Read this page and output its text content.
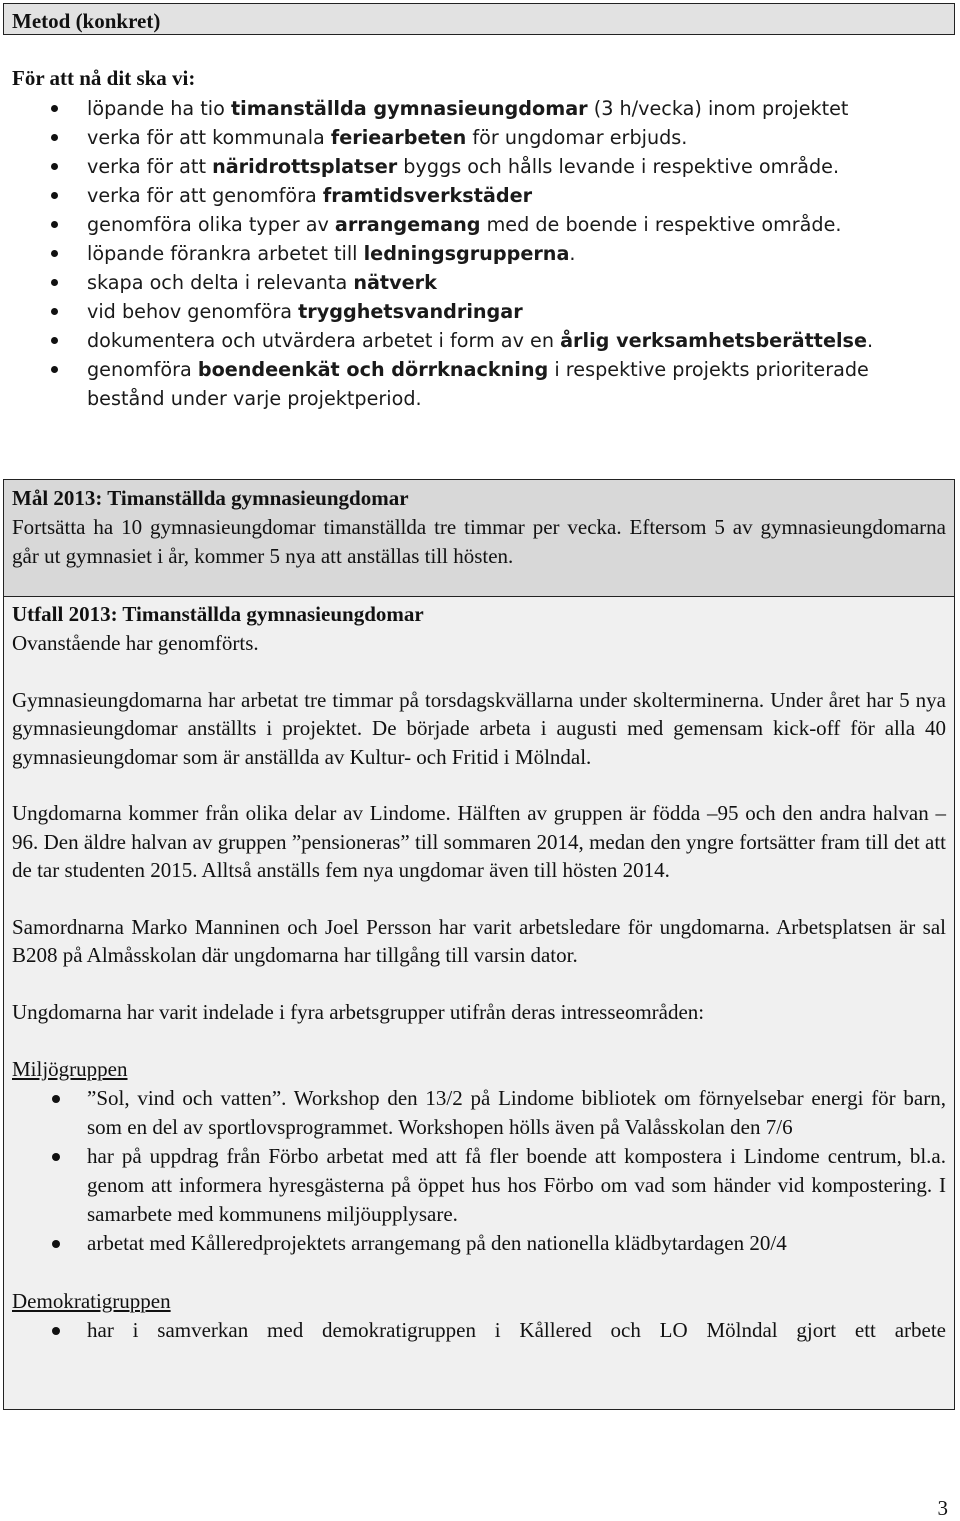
Metod (konkret)
För att nå dit ska vi:
löpande ha tio timanställda gymnasieungdomar (3 h/vecka) inom projektet
verka för att kommunala feriearbeten för ungdomar erbjuds.
verka för att näridrottsplatser byggs och hålls levande i respektive område.
verka för att genomföra framtidsverkstäder
genomföra olika typer av arrangemang med de boende i respektive område.
löpande förankra arbetet till ledningsgrupperna.
skapa och delta i relevanta nätverk
vid behov genomföra trygghetsvandringar
dokumentera och utvärdera arbetet i form av en årlig verksamhetsberättelse.
genomföra boendeenkät och dörrknackning i respektive projekts prioriterade bestånd under varje projektperiod.
Mål 2013: Timanställda gymnasieungdomar

Fortsätta ha 10 gymnasieungdomar timanställda tre timmar per vecka. Eftersom 5 av gymnasieungdomarna går ut gymnasiet i år, kommer 5 nya att anställas till hösten.

Utfall 2013: Timanställda gymnasieungdomar

Ovanstående har genomförts.

Gymnasieungdomarna har arbetat tre timmar på torsdagskvällarna under skolterminerna. Under året har 5 nya gymnasieungdomar anställts i projektet. De började arbeta i augusti med gemensam kick-off för alla 40 gymnasieungdomar som är anställda av Kultur- och Fritid i Mölndal.

Ungdomarna kommer från olika delar av Lindome. Hälften av gruppen är födda –95 och den andra halvan –96. Den äldre halvan av gruppen ”pensioneras” till sommaren 2014, medan den yngre fortsätter fram till det att de tar studenten 2015. Alltså anställs fem nya ungdomar även till hösten 2014.

Samordnarna Marko Manninen och Joel Persson har varit arbetsledare för ungdomarna. Arbetsplatsen är sal B208 på Almåsskolan där ungdomarna har tillgång till varsin dator.

Ungdomarna har varit indelade i fyra arbetsgrupper utifrån deras intresseområden:

Miljögruppen
”Sol, vind och vatten”. Workshop den 13/2 på Lindome bibliotek om förnyelsebar energi för barn, som en del av sportlovsprogrammet. Workshopen hölls även på Valåsskolan den 7/6
har på uppdrag från Förbo arbetat med att få fler boende att kompostera i Lindome centrum, bl.a. genom att informera hyresgästerna på öppet hus hos Förbo om vad som händer vid kompostering. I samarbete med kommunens miljöupplysare.
arbetat med Kålleredprojektets arrangemang på den nationella klädbytardagen 20/4
Demokratigruppen
har i samverkan med demokratigruppen i Kållered och LO Mölndal gjort ett arbete
3
